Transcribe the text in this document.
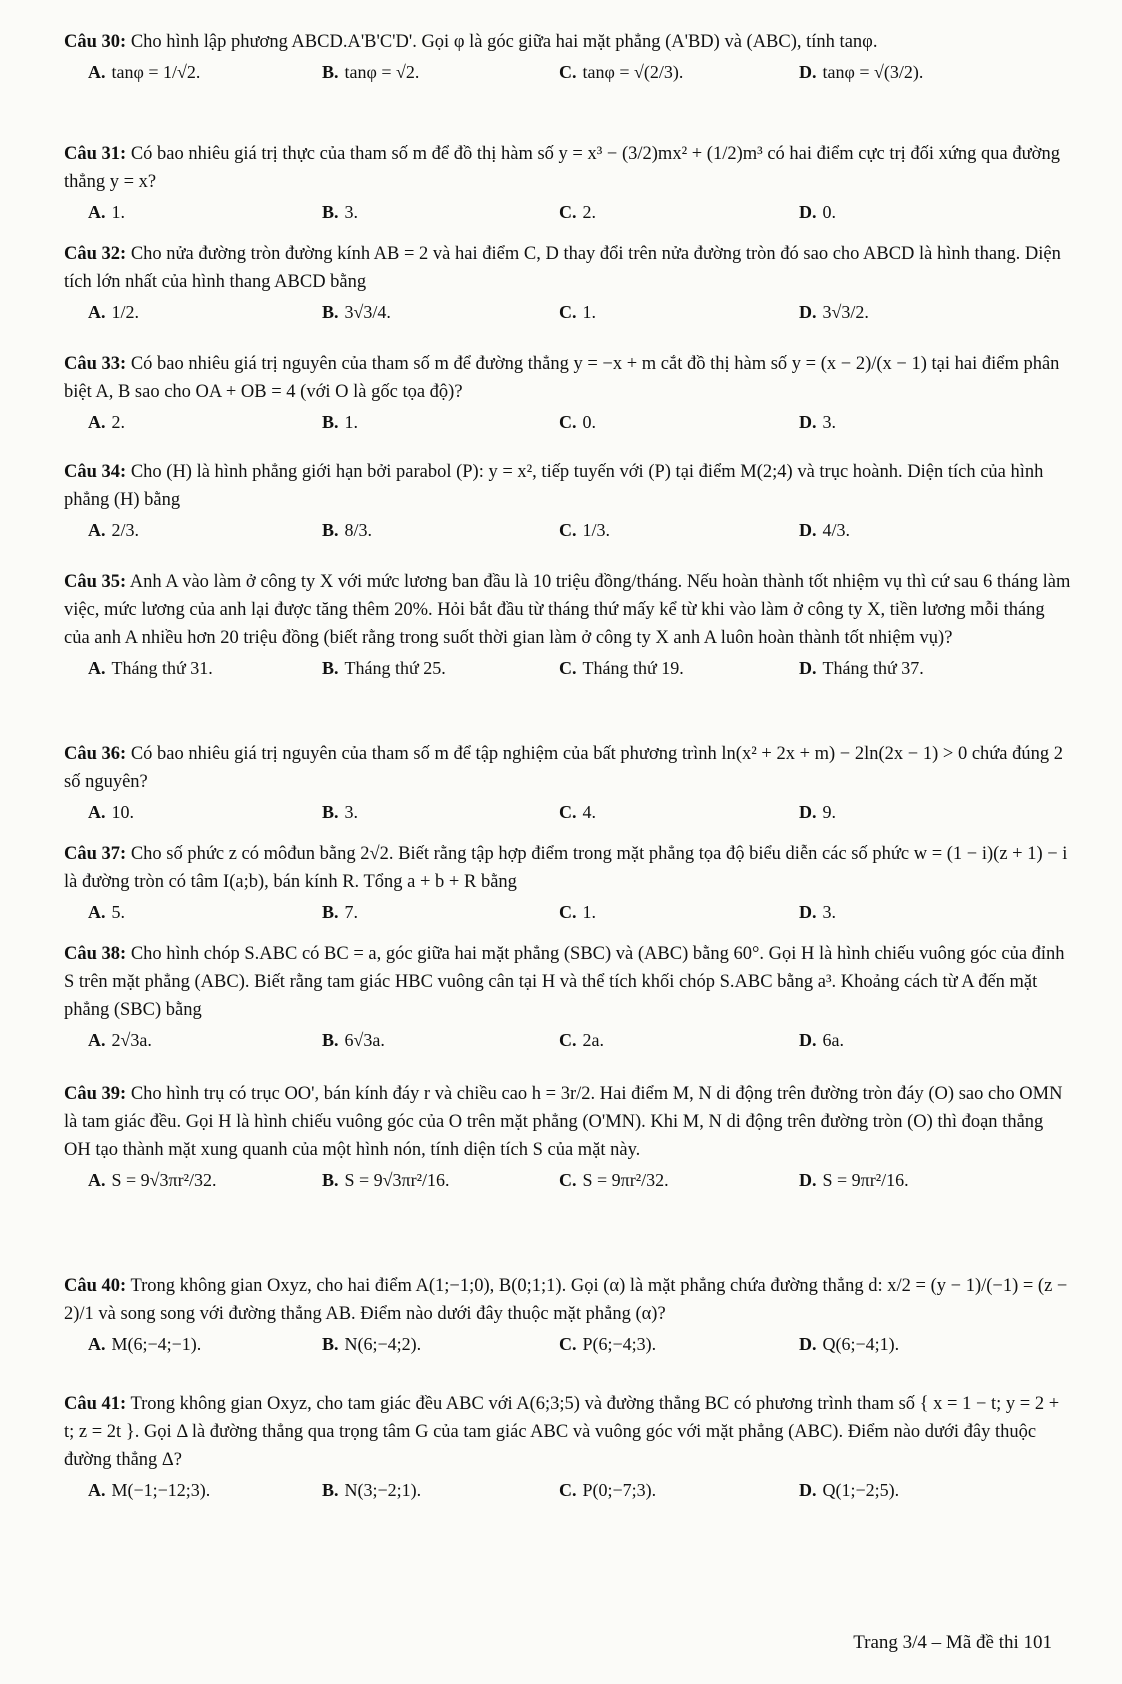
Câu 30: Cho hình lập phương ABCD.A'B'C'D'. Gọi φ là góc giữa hai mặt phẳng (A'BD) và (ABC), tính tanφ.

A. tanφ = 1/√2.	B. tanφ = √2.	C. tanφ = √(2/3).	D. tanφ = √(3/2).

Câu 31: Có bao nhiêu giá trị thực của tham số m để đồ thị hàm số y = x³ − (3/2)mx² + (1/2)m³ có hai điểm cực trị đối xứng qua đường thẳng y = x?

A. 1.	B. 3.	C. 2.	D. 0.

Câu 32: Cho nửa đường tròn đường kính AB = 2 và hai điểm C, D thay đổi trên nửa đường tròn đó sao cho ABCD là hình thang. Diện tích lớn nhất của hình thang ABCD bằng

A. 1/2.	B. 3√3/4.	C. 1.	D. 3√3/2.

Câu 33: Có bao nhiêu giá trị nguyên của tham số m để đường thẳng y = −x + m cắt đồ thị hàm số y = (x − 2)/(x − 1) tại hai điểm phân biệt A, B sao cho OA + OB = 4 (với O là gốc tọa độ)?

A. 2.	B. 1.	C. 0.	D. 3.

Câu 34: Cho (H) là hình phẳng giới hạn bởi parabol (P): y = x², tiếp tuyến với (P) tại điểm M(2;4) và trục hoành. Diện tích của hình phẳng (H) bằng

A. 2/3.	B. 8/3.	C. 1/3.	D. 4/3.

Câu 35: Anh A vào làm ở công ty X với mức lương ban đầu là 10 triệu đồng/tháng. Nếu hoàn thành tốt nhiệm vụ thì cứ sau 6 tháng làm việc, mức lương của anh lại được tăng thêm 20%. Hỏi bắt đầu từ tháng thứ mấy kể từ khi vào làm ở công ty X, tiền lương mỗi tháng của anh A nhiều hơn 20 triệu đồng (biết rằng trong suốt thời gian làm ở công ty X anh A luôn hoàn thành tốt nhiệm vụ)?

A. Tháng thứ 31.	B. Tháng thứ 25.	C. Tháng thứ 19.	D. Tháng thứ 37.

Câu 36: Có bao nhiêu giá trị nguyên của tham số m để tập nghiệm của bất phương trình ln(x² + 2x + m) − 2ln(2x − 1) > 0 chứa đúng 2 số nguyên?

A. 10.	B. 3.	C. 4.	D. 9.

Câu 37: Cho số phức z có môđun bằng 2√2. Biết rằng tập hợp điểm trong mặt phẳng tọa độ biểu diễn các số phức w = (1 − i)(z + 1) − i là đường tròn có tâm I(a;b), bán kính R. Tổng a + b + R bằng

A. 5.	B. 7.	C. 1.	D. 3.

Câu 38: Cho hình chóp S.ABC có BC = a, góc giữa hai mặt phẳng (SBC) và (ABC) bằng 60°. Gọi H là hình chiếu vuông góc của đỉnh S trên mặt phẳng (ABC). Biết rằng tam giác HBC vuông cân tại H và thể tích khối chóp S.ABC bằng a³. Khoảng cách từ A đến mặt phẳng (SBC) bằng

A. 2√3a.	B. 6√3a.	C. 2a.	D. 6a.

Câu 39: Cho hình trụ có trục OO', bán kính đáy r và chiều cao h = 3r/2. Hai điểm M, N di động trên đường tròn đáy (O) sao cho OMN là tam giác đều. Gọi H là hình chiếu vuông góc của O trên mặt phẳng (O'MN). Khi M, N di động trên đường tròn (O) thì đoạn thẳng OH tạo thành mặt xung quanh của một hình nón, tính diện tích S của mặt này.

A. S = 9√3πr²/32.	B. S = 9√3πr²/16.	C. S = 9πr²/32.	D. S = 9πr²/16.

Câu 40: Trong không gian Oxyz, cho hai điểm A(1;−1;0), B(0;1;1). Gọi (α) là mặt phẳng chứa đường thẳng d: x/2 = (y − 1)/(−1) = (z − 2)/1 và song song với đường thẳng AB. Điểm nào dưới đây thuộc mặt phẳng (α)?

A. M(6;−4;−1).	B. N(6;−4;2).	C. P(6;−4;3).	D. Q(6;−4;1).

Câu 41: Trong không gian Oxyz, cho tam giác đều ABC với A(6;3;5) và đường thẳng BC có phương trình tham số { x = 1 − t; y = 2 + t; z = 2t }. Gọi Δ là đường thẳng qua trọng tâm G của tam giác ABC và vuông góc với mặt phẳng (ABC). Điểm nào dưới đây thuộc đường thẳng Δ?

A. M(−1;−12;3).	B. N(3;−2;1).	C. P(0;−7;3).	D. Q(1;−2;5).
Trang 3/4 – Mã đề thi 101
